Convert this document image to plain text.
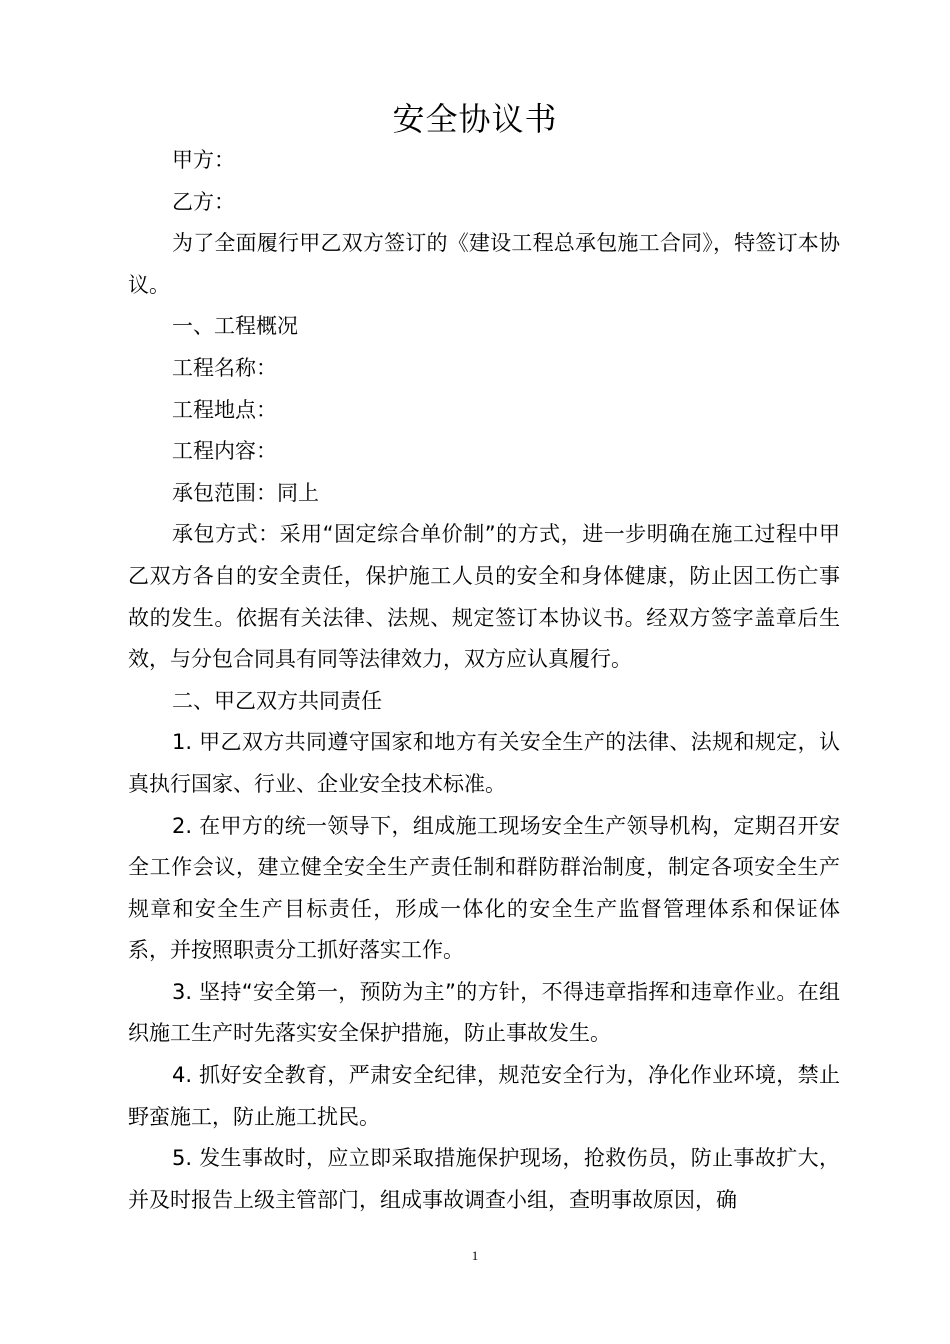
安全协议书

甲方：

乙方：

为了全面履行甲乙双方签订的《建设工程总承包施工合同》，特签订本协议。

一、工程概况

工程名称：

工程地点：

工程内容：

承包范围：同上

承包方式：采用“固定综合单价制”的方式，进一步明确在施工过程中甲乙双方各自的安全责任，保护施工人员的安全和身体健康，防止因工伤亡事故的发生。依据有关法律、法规、规定签订本协议书。经双方签字盖章后生效，与分包合同具有同等法律效力，双方应认真履行。

二、甲乙双方共同责任

1. 甲乙双方共同遵守国家和地方有关安全生产的法律、法规和规定，认真执行国家、行业、企业安全技术标准。

2. 在甲方的统一领导下，组成施工现场安全生产领导机构，定期召开安全工作会议，建立健全安全生产责任制和群防群治制度，制定各项安全生产规章和安全生产目标责任，形成一体化的安全生产监督管理体系和保证体系，并按照职责分工抓好落实工作。

3. 坚持“安全第一，预防为主”的方针，不得违章指挥和违章作业。在组织施工生产时先落实安全保护措施，防止事故发生。

4. 抓好安全教育，严肃安全纪律，规范安全行为，净化作业环境，禁止野蛮施工，防止施工扰民。

5. 发生事故时，应立即采取措施保护现场，抢救伤员，防止事故扩大，并及时报告上级主管部门，组成事故调查小组，查明事故原因，确

1
